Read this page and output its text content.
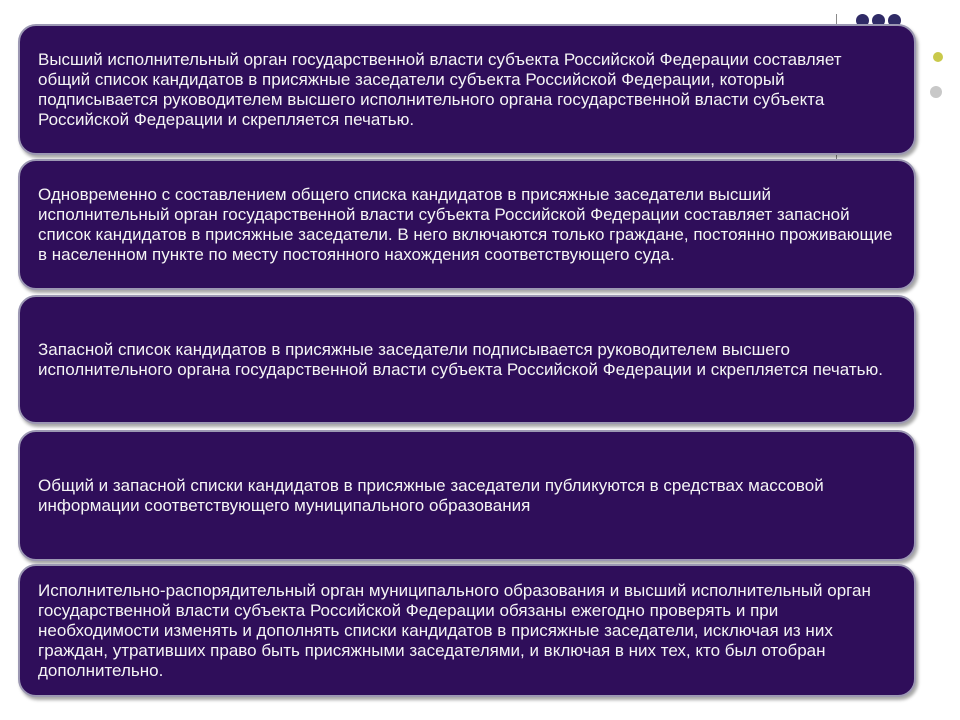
Высший исполнительный орган государственной власти субъекта Российской Федерации составляет общий список кандидатов в присяжные заседатели субъекта Российской Федерации, который подписывается руководителем высшего исполнительного органа государственной власти субъекта Российской Федерации и скрепляется печатью.

Одновременно с составлением общего списка кандидатов в присяжные заседатели высший исполнительный орган государственной власти субъекта Российской Федерации составляет запасной список кандидатов в присяжные заседатели. В него включаются только граждане, постоянно проживающие в населенном пункте по месту постоянного нахождения соответствующего суда.

Запасной список кандидатов в присяжные заседатели подписывается руководителем высшего исполнительного органа государственной власти субъекта Российской Федерации и скрепляется печатью.

Общий и запасной списки кандидатов в присяжные заседатели публикуются в средствах массовой информации соответствующего муниципального образования

Исполнительно-распорядительный орган муниципального образования и высший исполнительный орган государственной власти субъекта Российской Федерации обязаны ежегодно проверять и при необходимости изменять и дополнять списки кандидатов в присяжные заседатели, исключая из них граждан, утративших право быть присяжными заседателями, и включая в них тех, кто был отобран дополнительно.
